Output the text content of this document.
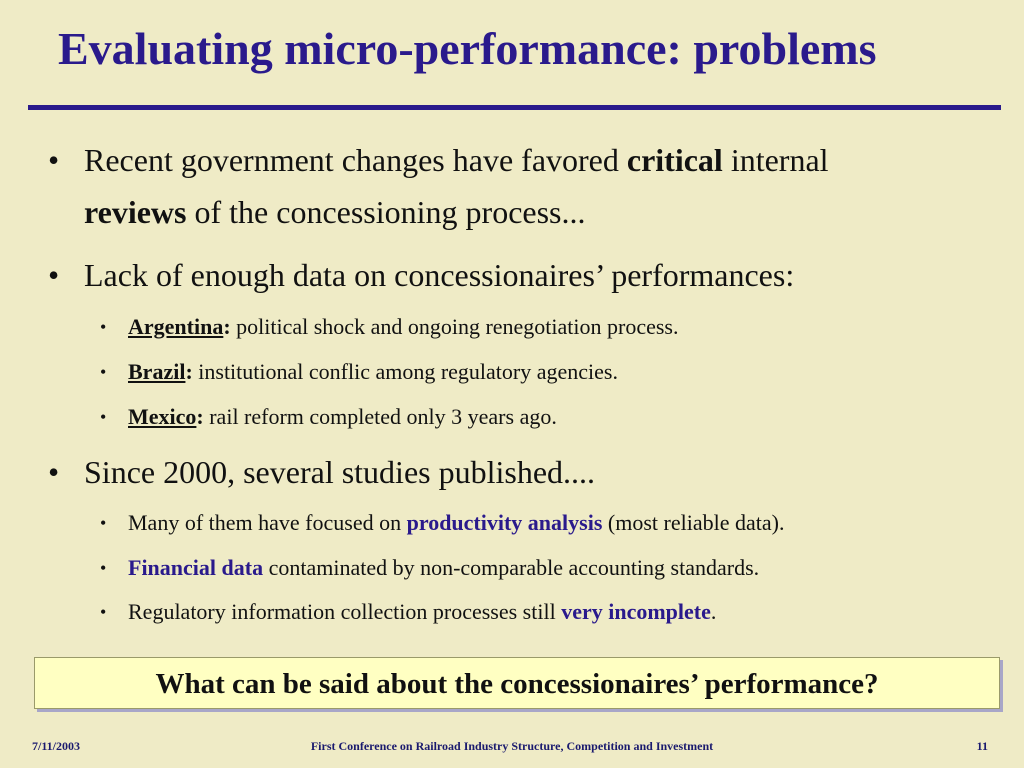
Evaluating micro-performance: problems
• Recent government changes have favored critical internal
reviews of the concessioning process...
• Lack of enough data on concessionaires’ performances:
• Argentina: political shock and ongoing renegotiation process.
• Brazil: institutional conflic among regulatory agencies.
• Mexico: rail reform completed only 3 years ago.
• Since 2000, several studies published....
• Many of them have focused on productivity analysis (most reliable data).
• Financial data contaminated by non-comparable accounting standards.
• Regulatory information collection processes still very incomplete.
What can be said about the concessionaires’ performance?
7/11/2003	First Conference on Railroad Industry Structure, Competition and Investment	11
